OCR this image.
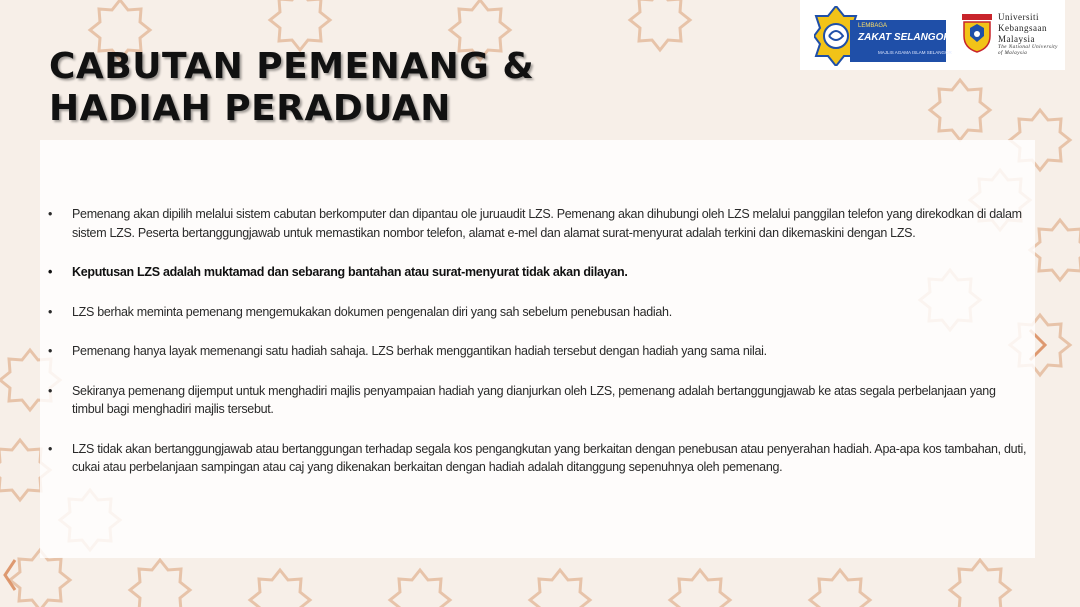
CABUTAN PEMENANG &
HADIAH PERADUAN
LEMBAGA
ZAKAT SELANGOR
MAJLIS AGAMA ISLAM SELANGOR
Universiti
Kebangsaan
Malaysia
The National University
of Malaysia
• Pemenang akan dipilih melalui sistem cabutan berkomputer dan dipantau ole juruaudit LZS. Pemenang akan dihubungi oleh LZS melalui panggilan telefon yang direkodkan di dalam sistem LZS. Peserta bertanggungjawab untuk memastikan nombor telefon, alamat e-mel dan alamat surat-menyurat adalah terkini dan dikemaskini dengan LZS.
• Keputusan LZS adalah muktamad dan sebarang bantahan atau surat-menyurat tidak akan dilayan.
• LZS berhak meminta pemenang mengemukakan dokumen pengenalan diri yang sah sebelum penebusan hadiah.
• Pemenang hanya layak memenangi satu hadiah sahaja. LZS berhak menggantikan hadiah tersebut dengan hadiah yang sama nilai.
• Sekiranya pemenang dijemput untuk menghadiri majlis penyampaian hadiah yang dianjurkan oleh LZS, pemenang adalah bertanggungjawab ke atas segala perbelanjaan yang timbul bagi menghadiri majlis tersebut.
• LZS tidak akan bertanggungjawab atau bertanggungan terhadap segala kos pengangkutan yang berkaitan dengan penebusan atau penyerahan hadiah. Apa-apa kos tambahan, duti, cukai atau perbelanjaan sampingan atau caj yang dikenakan berkaitan dengan hadiah adalah ditanggung sepenuhnya oleh pemenang.
